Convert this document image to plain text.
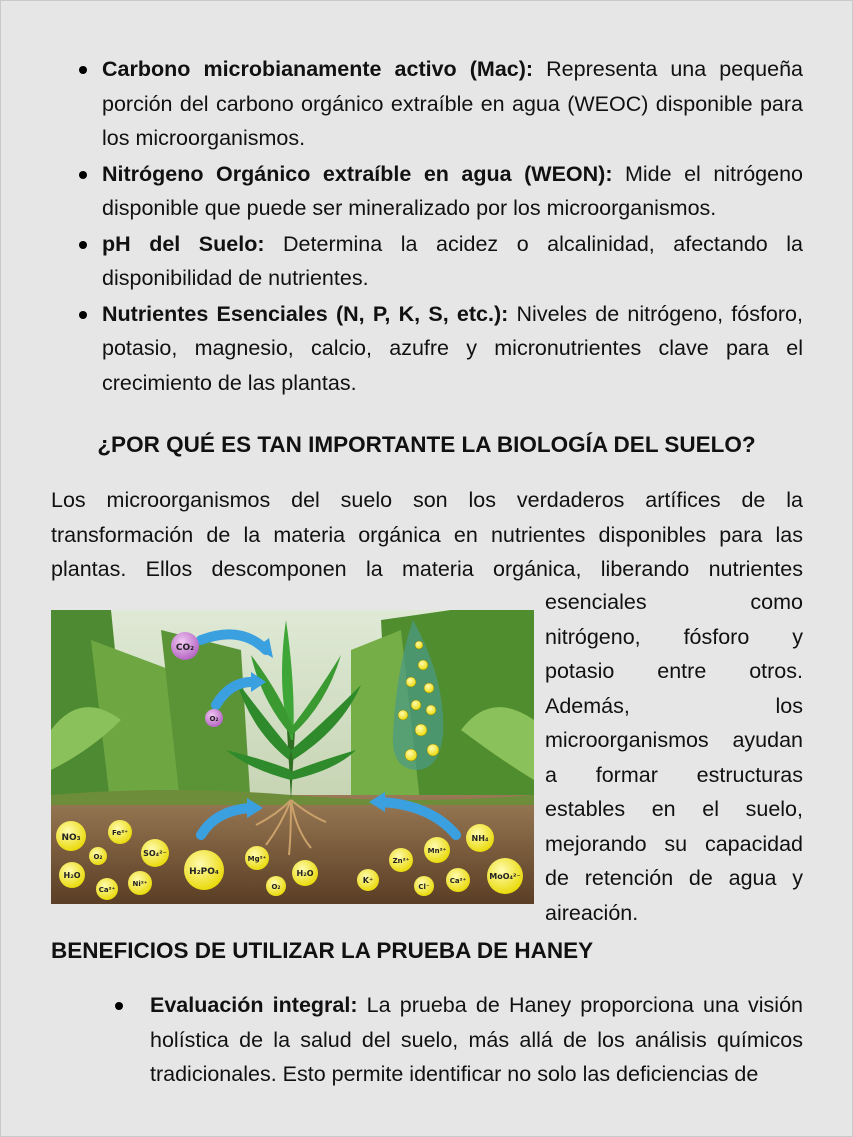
Carbono microbianamente activo (Mac): Representa una pequeña porción del carbono orgánico extraíble en agua (WEOC) disponible para los microorganismos.
Nitrógeno Orgánico extraíble en agua (WEON): Mide el nitrógeno disponible que puede ser mineralizado por los microorganismos.
pH del Suelo: Determina la acidez o alcalinidad, afectando la disponibilidad de nutrientes.
Nutrientes Esenciales (N, P, K, S, etc.): Niveles de nitrógeno, fósforo, potasio, magnesio, calcio, azufre y micronutrientes clave para el crecimiento de las plantas.
¿POR QUÉ ES TAN IMPORTANTE LA BIOLOGÍA DEL SUELO?
Los microorganismos del suelo son los verdaderos artífices de la
transformación de la materia orgánica en nutrientes disponibles para las
plantas. Ellos descomponen la materia orgánica, liberando nutrientes
CO₂
O₂
NO₃	Fe²⁺
O₂	SO₄²⁻
H₂O
Ca²⁺
Ni²⁺
H₂PO₄
Mg²⁺
O₂
H₂O
K⁺
Zn²⁺
Mn²⁺
Cl⁻
Ca²⁺
NH₄
MoO₄²⁻
esenciales como
nitrógeno, fósforo y
potasio entre otros.
Además, los
microorganismos ayudan
a formar estructuras
estables en el suelo,
mejorando su capacidad
de retención de agua y
aireación.
BENEFICIOS DE UTILIZAR LA PRUEBA DE HANEY
Evaluación integral: La prueba de Haney proporciona una visión holística de la salud del suelo, más allá de los análisis químicos tradicionales. Esto permite identificar no solo las deficiencias de
